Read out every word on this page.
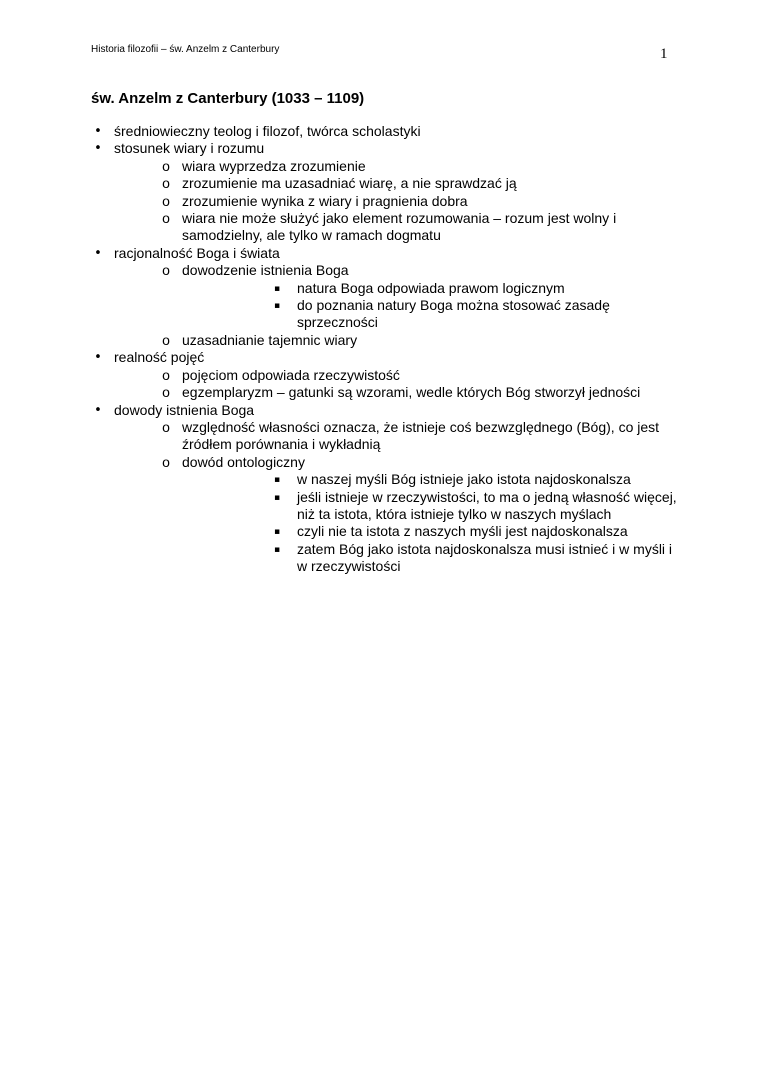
Historia filozofii – św. Anzelm z Canterbury	1
św. Anzelm z Canterbury (1033 – 1109)
• średniowieczny teolog i filozof, twórca scholastyki
• stosunek wiary i rozumu
o wiara wyprzedza zrozumienie
o zrozumienie ma uzasadniać wiarę, a nie sprawdzać ją
o zrozumienie wynika z wiary i pragnienia dobra
o wiara nie może służyć jako element rozumowania – rozum jest wolny i samodzielny, ale tylko w ramach dogmatu
• racjonalność Boga i świata
o dowodzenie istnienia Boga
▪ natura Boga odpowiada prawom logicznym
▪ do poznania natury Boga można stosować zasadę sprzeczności
o uzasadnianie tajemnic wiary
• realność pojęć
o pojęciom odpowiada rzeczywistość
o egzemplaryzm – gatunki są wzorami, wedle których Bóg stworzył jedności
• dowody istnienia Boga
o względność własności oznacza, że istnieje coś bezwzględnego (Bóg), co jest źródłem porównania i wykładnią
o dowód ontologiczny
▪ w naszej myśli Bóg istnieje jako istota najdoskonalsza
▪ jeśli istnieje w rzeczywistości, to ma o jedną własność więcej, niż ta istota, która istnieje tylko w naszych myślach
▪ czyli nie ta istota z naszych myśli jest najdoskonalsza
▪ zatem Bóg jako istota najdoskonalsza musi istnieć i w myśli i w rzeczywistości
